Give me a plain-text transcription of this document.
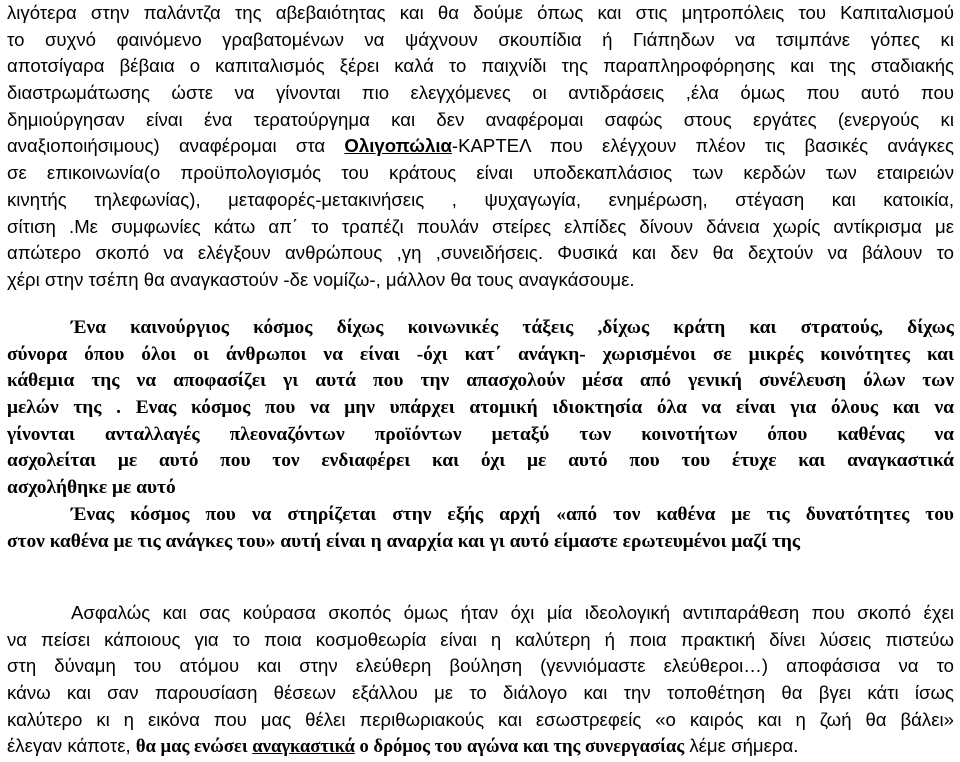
λιγότερα στην παλάντζα της αβεβαιότητας και θα δούμε όπως και στις μητροπόλεις του Καπιταλισμού
το συχνό φαινόμενο γραβατομένων να ψάχνουν σκουπίδια ή Γιάπηδων να τσιμπάνε γόπες κι
αποτσίγαρα βέβαια ο καπιταλισμός ξέρει καλά το παιχνίδι της παραπληροφόρησης και της σταδιακής
διαστρωμάτωσης ώστε να γίνονται πιο ελεγχόμενες οι αντιδράσεις ,έλα όμως που αυτό που
δημιούργησαν είναι ένα τερατούργημα και δεν αναφέρομαι σαφώς στους εργάτες (ενεργούς κι
αναξιοποιήσιμους) αναφέρομαι στα Ολιγοπώλια-ΚΑΡΤΕΛ που ελέγχουν πλέον τις βασικές ανάγκες
σε επικοινωνία(ο προϋπολογισμός του κράτους είναι υποδεκαπλάσιος των κερδών των εταιρειών
κινητής τηλεφωνίας), μεταφορές-μετακινήσεις , ψυχαγωγία, ενημέρωση, στέγαση και κατοικία,
σίτιση .Με συμφωνίες κάτω απ΄ το τραπέζι πουλάν στείρες ελπίδες δίνουν δάνεια χωρίς αντίκρισμα με
απώτερο σκοπό να ελέγξουν ανθρώπους ,γη ,συνειδήσεις. Φυσικά και δεν θα δεχτούν να βάλουν το
χέρι στην τσέπη θα αναγκαστούν -δε νομίζω-, μάλλον θα τους αναγκάσουμε.
Ένα καινούργιος κόσμος δίχως κοινωνικές τάξεις ,δίχως κράτη και στρατούς, δίχως
σύνορα όπου όλοι οι άνθρωποι να είναι -όχι κατ΄ ανάγκη- χωρισμένοι σε μικρές κοινότητες και
κάθεμια της να αποφασίζει γι αυτά που την απασχολούν μέσα από γενική συνέλευση όλων των
μελών της . Ενας κόσμος που να μην υπάρχει ατομική ιδιοκτησία όλα να είναι για όλους και να
γίνονται ανταλλαγές πλεοναζόντων προϊόντων μεταξύ των κοινοτήτων όπου καθένας να
ασχολείται με αυτό που τον ενδιαφέρει και όχι με αυτό που του έτυχε και αναγκαστικά
ασχολήθηκε με αυτό
Ένας κόσμος που να στηρίζεται στην εξής αρχή «από τον καθένα με τις δυνατότητες του
στον καθένα με τις ανάγκες του» αυτή είναι η αναρχία και γι αυτό είμαστε ερωτευμένοι μαζί της
Ασφαλώς και σας κούρασα σκοπός όμως ήταν όχι μία ιδεολογική αντιπαράθεση που σκοπό έχει
να πείσει κάποιους για το ποια κοσμοθεωρία είναι η καλύτερη ή ποια πρακτική δίνει λύσεις πιστεύω
στη δύναμη του ατόμου και στην ελεύθερη βούληση (γεννιόμαστε ελεύθεροι…) αποφάσισα να το
κάνω και σαν παρουσίαση θέσεων εξάλλου με το διάλογο και την τοποθέτηση θα βγει κάτι ίσως
καλύτερο κι η εικόνα που μας θέλει περιθωριακούς και εσωστρεφείς «ο καιρός και η ζωή θα βάλει»
έλεγαν κάποτε, θα μας ενώσει αναγκαστικά ο δρόμος του αγώνα και της συνεργασίας λέμε σήμερα.
